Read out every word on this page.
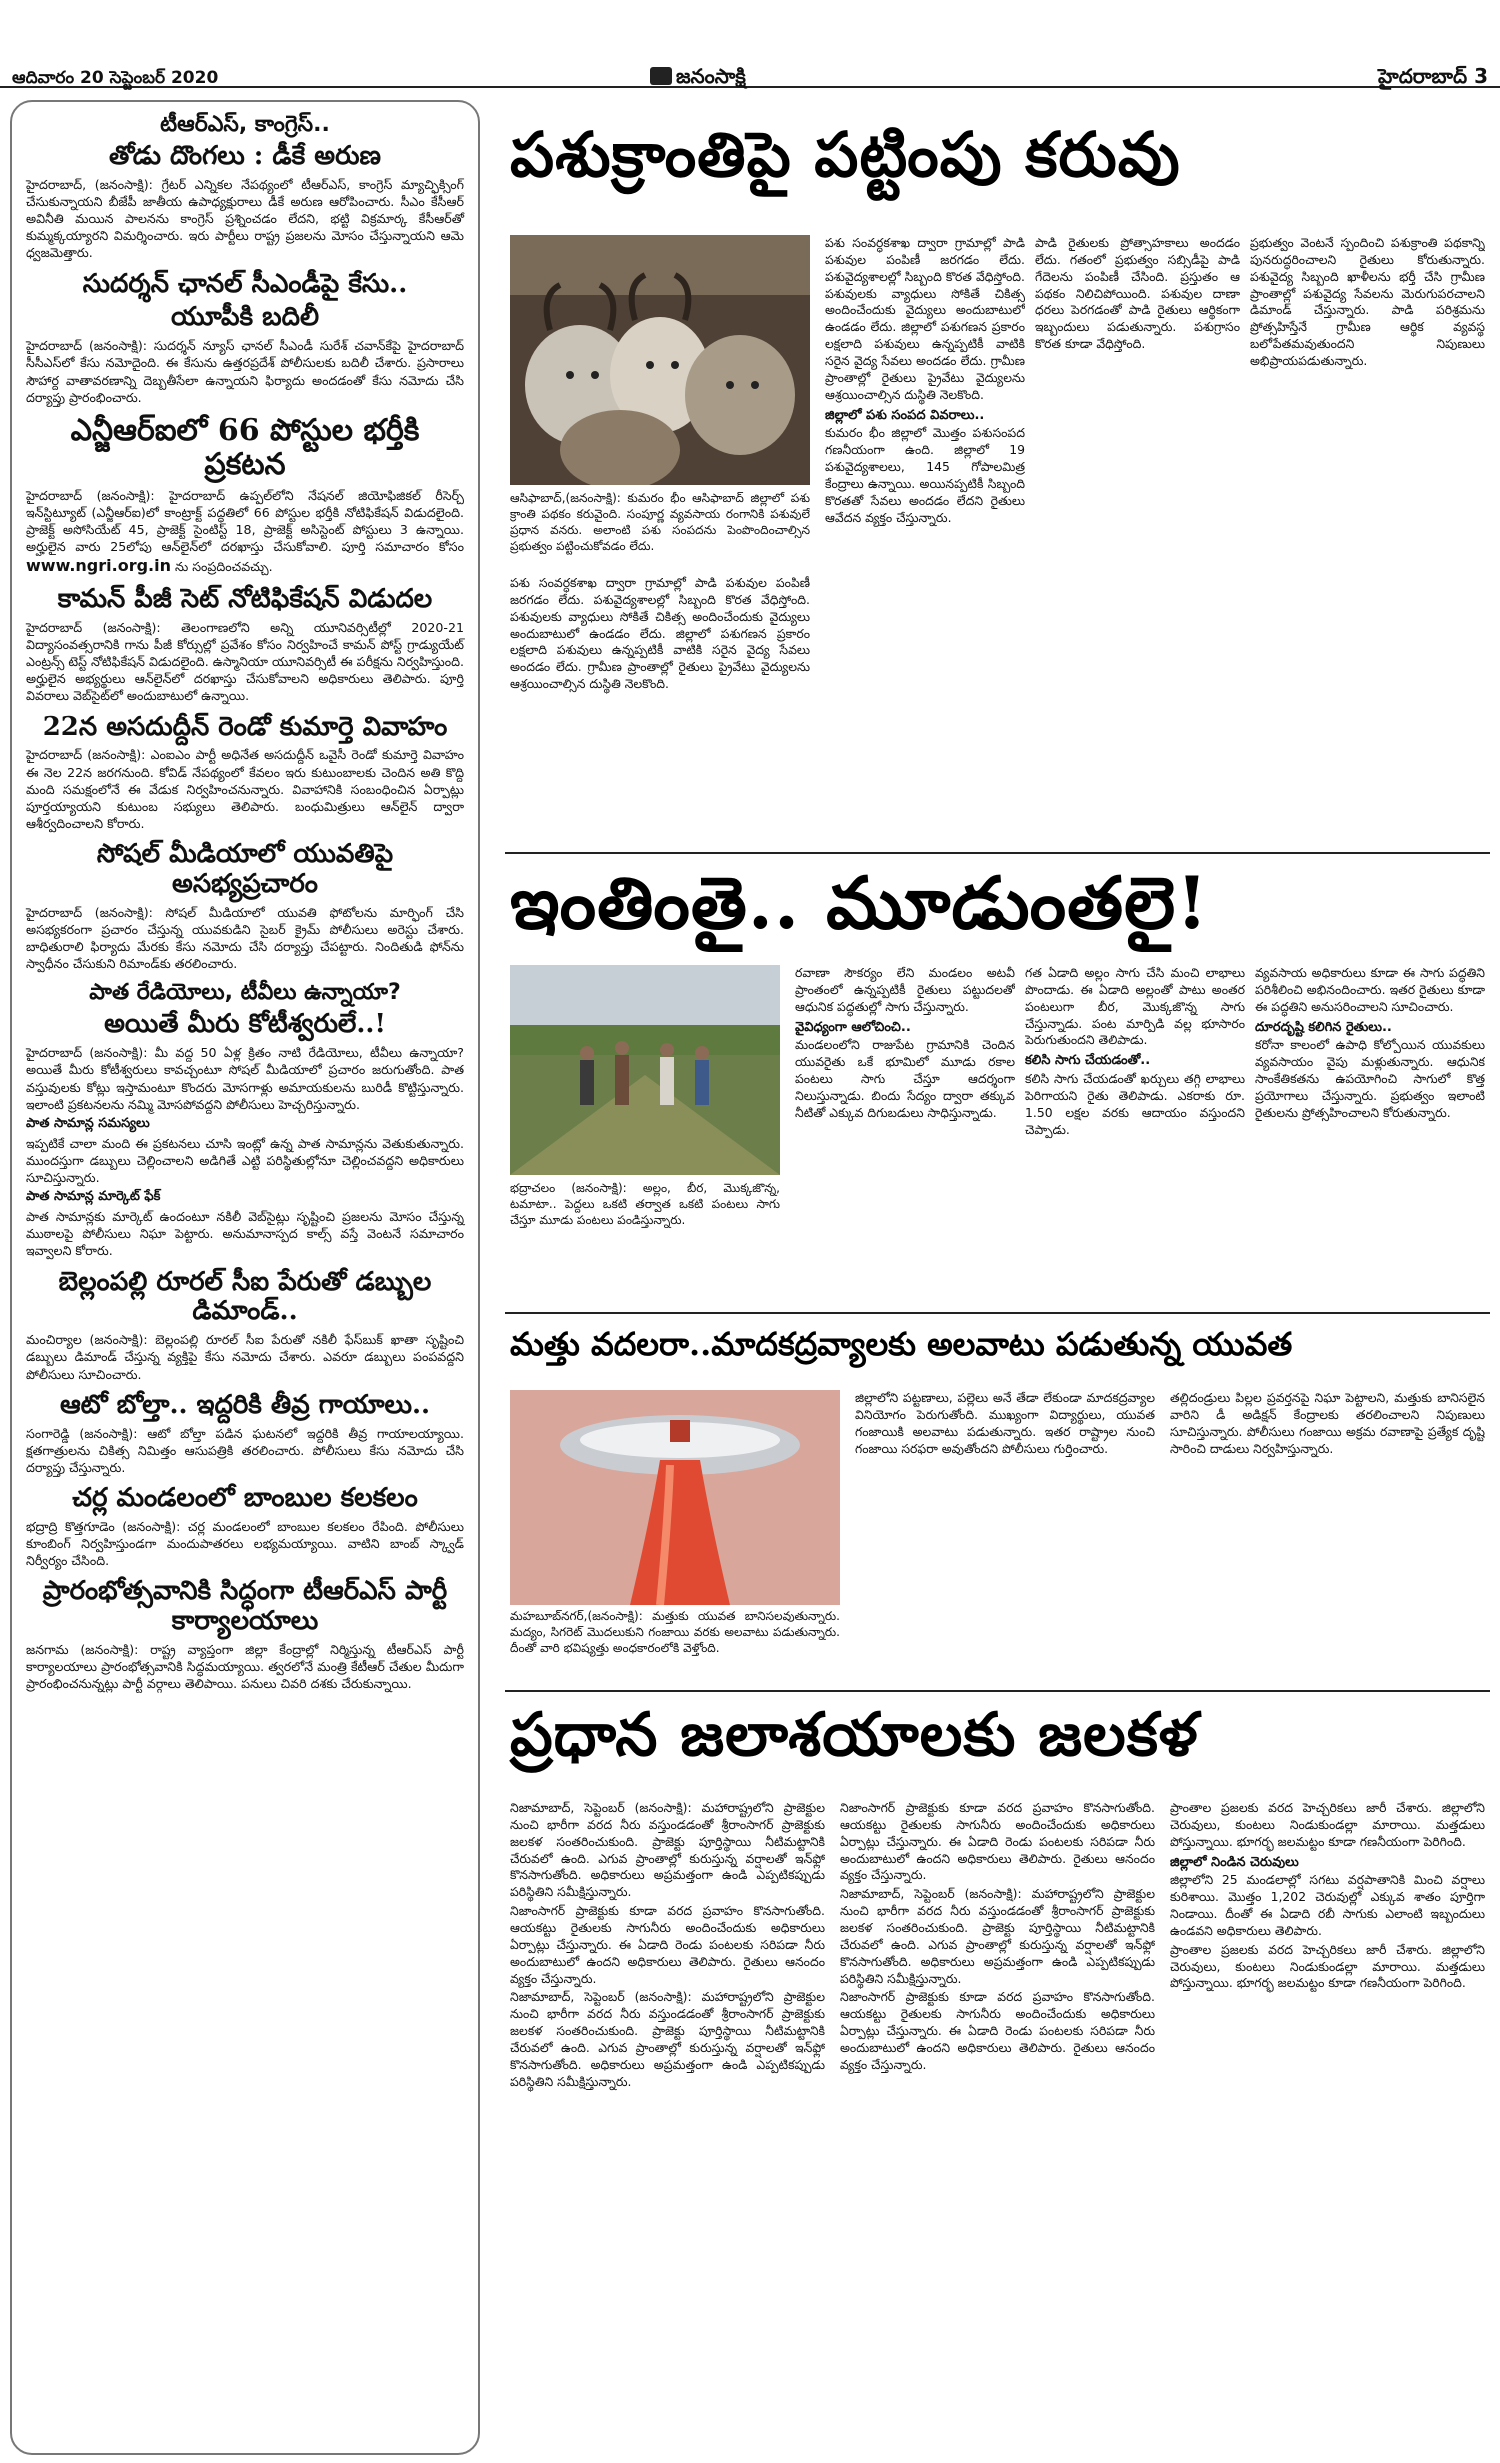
ఆదివారం 20 సెప్టెంబర్ 2020	జనంసాక్షి	హైదరాబాద్ 3
టీఆర్ఎస్, కాంగ్రెస్..
తోడు దొంగలు : డీకే అరుణ

హైదరాబాద్, (జనంసాక్షి): గ్రేటర్ ఎన్నికల నేపథ్యంలో టీఆర్ఎస్, కాంగ్రెస్ మ్యాచ్ఫిక్సింగ్ చేసుకున్నాయని బీజేపీ జాతీయ ఉపాధ్యక్షురాలు డీకే అరుణ ఆరోపించారు. సీఎం కేసీఆర్ అవినీతి మయిన పాలనను కాంగ్రెస్ ప్రశ్నించడం లేదని, భట్టి విక్రమార్క కేసీఆర్‌తో కుమ్మక్కయ్యారని విమర్శించారు. ఇరు పార్టీలు రాష్ట్ర ప్రజలను మోసం చేస్తున్నాయని ఆమె ధ్వజమెత్తారు.

సుదర్శన్ ఛానల్ సీఎండీపై కేసు..
యూపీకి బదిలీ

హైదరాబాద్ (జనంసాక్షి): సుదర్శన్ న్యూస్ ఛానల్ సీఎండీ సురేశ్ చవాన్‌కేపై హైదరాబాద్ సీసీఎస్‌లో కేసు నమోదైంది. ఈ కేసును ఉత్తరప్రదేశ్ పోలీసులకు బదిలీ చేశారు. ప్రసారాలు సౌహార్ద వాతావరణాన్ని దెబ్బతీసేలా ఉన్నాయని ఫిర్యాదు అందడంతో కేసు నమోదు చేసి దర్యాప్తు ప్రారంభించారు.

ఎన్జీఆర్ఐలో 66 పోస్టుల భర్తీకి ప్రకటన

హైదరాబాద్ (జనంసాక్షి): హైదరాబాద్ ఉప్పల్‌లోని నేషనల్ జియోఫిజికల్ రీసెర్చ్ ఇన్‌స్టిట్యూట్ (ఎన్జీఆర్ఐ)లో కాంట్రాక్ట్ పద్ధతిలో 66 పోస్టుల భర్తీకి నోటిఫికేషన్ విడుదలైంది. ప్రాజెక్ట్ అసోసియేట్ 45, ప్రాజెక్ట్ సైంటిస్ట్ 18, ప్రాజెక్ట్ అసిస్టెంట్ పోస్టులు 3 ఉన్నాయి. అర్హులైన వారు 25లోపు ఆన్‌లైన్‌లో దరఖాస్తు చేసుకోవాలి. పూర్తి సమాచారం కోసం www.ngri.org.in ను సంప్రదించవచ్చు.

కామన్ పీజీ సెట్ నోటిఫికేషన్ విడుదల

హైదరాబాద్ (జనంసాక్షి): తెలంగాణలోని అన్ని యూనివర్సిటీల్లో 2020-21 విద్యాసంవత్సరానికి గాను పీజీ కోర్సుల్లో ప్రవేశం కోసం నిర్వహించే కామన్ పోస్ట్ గ్రాడ్యుయేట్ ఎంట్రన్స్ టెస్ట్ నోటిఫికేషన్ విడుదలైంది. ఉస్మానియా యూనివర్సిటీ ఈ పరీక్షను నిర్వహిస్తుంది. అర్హులైన అభ్యర్థులు ఆన్‌లైన్‌లో దరఖాస్తు చేసుకోవాలని అధికారులు తెలిపారు. పూర్తి వివరాలు వెబ్‌సైట్‌లో అందుబాటులో ఉన్నాయి.

22న అసదుద్దీన్ రెండో కుమార్తె వివాహం

హైదరాబాద్ (జనంసాక్షి): ఎంఐఎం పార్టీ అధినేత అసదుద్దీన్ ఒవైసీ రెండో కుమార్తె వివాహం ఈ నెల 22న జరగనుంది. కోవిడ్ నేపథ్యంలో కేవలం ఇరు కుటుంబాలకు చెందిన అతి కొద్ది మంది సమక్షంలోనే ఈ వేడుక నిర్వహించనున్నారు. వివాహానికి సంబంధించిన ఏర్పాట్లు పూర్తయ్యాయని కుటుంబ సభ్యులు తెలిపారు. బంధుమిత్రులు ఆన్‌లైన్ ద్వారా ఆశీర్వదించాలని కోరారు.

సోషల్ మీడియాలో యువతిపై అసభ్యప్రచారం

హైదరాబాద్ (జనంసాక్షి): సోషల్ మీడియాలో యువతి ఫోటోలను మార్ఫింగ్ చేసి అసభ్యకరంగా ప్రచారం చేస్తున్న యువకుడిని సైబర్ క్రైమ్ పోలీసులు అరెస్టు చేశారు. బాధితురాలి ఫిర్యాదు మేరకు కేసు నమోదు చేసి దర్యాప్తు చేపట్టారు. నిందితుడి ఫోన్‌ను స్వాధీనం చేసుకుని రిమాండ్‌కు తరలించారు.

పాత రేడియోలు, టీవీలు ఉన్నాయా?
అయితే మీరు కోటీశ్వరులే..!

హైదరాబాద్ (జనంసాక్షి): మీ వద్ద 50 ఏళ్ల క్రితం నాటి రేడియోలు, టీవీలు ఉన్నాయా? అయితే మీరు కోటీశ్వరులు కావచ్చంటూ సోషల్ మీడియాలో ప్రచారం జరుగుతోంది. పాత వస్తువులకు కోట్లు ఇస్తామంటూ కొందరు మోసగాళ్లు అమాయకులను బురిడీ కొట్టిస్తున్నారు. ఇలాంటి ప్రకటనలను నమ్మి మోసపోవద్దని పోలీసులు హెచ్చరిస్తున్నారు.

పాత సామాన్ల సమస్యలు

ఇప్పటికే చాలా మంది ఈ ప్రకటనలు చూసి ఇంట్లో ఉన్న పాత సామాన్లను వెతుకుతున్నారు. ముందస్తుగా డబ్బులు చెల్లించాలని అడిగితే ఎట్టి పరిస్థితుల్లోనూ చెల్లించవద్దని అధికారులు సూచిస్తున్నారు.

పాత సామాన్ల మార్కెట్ ఫేక్

పాత సామాన్లకు మార్కెట్ ఉందంటూ నకిలీ వెబ్‌సైట్లు సృష్టించి ప్రజలను మోసం చేస్తున్న ముఠాలపై పోలీసులు నిఘా పెట్టారు. అనుమానాస్పద కాల్స్ వస్తే వెంటనే సమాచారం ఇవ్వాలని కోరారు.

బెల్లంపల్లి రూరల్ సీఐ పేరుతో డబ్బుల డిమాండ్..

మంచిర్యాల (జనంసాక్షి): బెల్లంపల్లి రూరల్ సీఐ పేరుతో నకిలీ ఫేస్‌బుక్ ఖాతా సృష్టించి డబ్బులు డిమాండ్ చేస్తున్న వ్యక్తిపై కేసు నమోదు చేశారు. ఎవరూ డబ్బులు పంపవద్దని పోలీసులు సూచించారు.

ఆటో బోల్తా.. ఇద్దరికి తీవ్ర గాయాలు..

సంగారెడ్డి (జనంసాక్షి): ఆటో బోల్తా పడిన ఘటనలో ఇద్దరికి తీవ్ర గాయాలయ్యాయి. క్షతగాత్రులను చికిత్స నిమిత్తం ఆసుపత్రికి తరలించారు. పోలీసులు కేసు నమోదు చేసి దర్యాప్తు చేస్తున్నారు.

చర్ల మండలంలో బాంబుల కలకలం

భద్రాద్రి కొత్తగూడెం (జనంసాక్షి): చర్ల మండలంలో బాంబుల కలకలం రేపింది. పోలీసులు కూంబింగ్ నిర్వహిస్తుండగా మందుపాతరలు లభ్యమయ్యాయి. వాటిని బాంబ్ స్క్వాడ్ నిర్వీర్యం చేసింది.

ప్రారంభోత్సవానికి సిద్ధంగా టీఆర్ఎస్ పార్టీ కార్యాలయాలు

జనగామ (జనంసాక్షి): రాష్ట్ర వ్యాప్తంగా జిల్లా కేంద్రాల్లో నిర్మిస్తున్న టీఆర్ఎస్ పార్టీ కార్యాలయాలు ప్రారంభోత్సవానికి సిద్ధమయ్యాయి. త్వరలోనే మంత్రి కేటీఆర్ చేతుల మీదుగా ప్రారంభించనున్నట్లు పార్టీ వర్గాలు తెలిపాయి. పనులు చివరి దశకు చేరుకున్నాయి.

పశుక్రాంతిపై పట్టింపు కరువు
ఆసిఫాబాద్,(జనంసాక్షి): కుమరం భీం ఆసిఫాబాద్ జిల్లాలో పశు క్రాంతి పథకం కరువైంది. సంపూర్ణ వ్యవసాయ రంగానికి పశువులే ప్రధాన వనరు. అలాంటి పశు సంపదను పెంపొందించాల్సిన ప్రభుత్వం పట్టించుకోవడం లేదు.

పశు సంవర్ధకశాఖ ద్వారా గ్రామాల్లో పాడి పశువుల పంపిణీ జరగడం లేదు. పశువైద్యశాలల్లో సిబ్బంది కొరత వేధిస్తోంది. పశువులకు వ్యాధులు సోకితే చికిత్స అందించేందుకు వైద్యులు అందుబాటులో ఉండడం లేదు. జిల్లాలో పశుగణన ప్రకారం లక్షలాది పశువులు ఉన్నప్పటికీ వాటికి సరైన వైద్య సేవలు అందడం లేదు. గ్రామీణ ప్రాంతాల్లో రైతులు ప్రైవేటు వైద్యులను ఆశ్రయించాల్సిన దుస్థితి నెలకొంది.

జిల్లాలో పశు సంపద వివరాలు..

కుమరం భీం జిల్లాలో మొత్తం పశుసంపద గణనీయంగా ఉంది. జిల్లాలో 19 పశువైద్యశాలలు, 145 గోపాలమిత్ర కేంద్రాలు ఉన్నాయి. అయినప్పటికీ సిబ్బంది కొరతతో సేవలు అందడం లేదని రైతులు ఆవేదన వ్యక్తం చేస్తున్నారు.

పాడి రైతులకు ప్రోత్సాహకాలు అందడం లేదు. గతంలో ప్రభుత్వం సబ్సిడీపై పాడి గేదెలను పంపిణీ చేసింది. ప్రస్తుతం ఆ పథకం నిలిచిపోయింది. పశువుల దాణా ధరలు పెరగడంతో పాడి రైతులు ఆర్థికంగా ఇబ్బందులు పడుతున్నారు. పశుగ్రాసం కొరత కూడా వేధిస్తోంది.

ప్రభుత్వం వెంటనే స్పందించి పశుక్రాంతి పథకాన్ని పునరుద్ధరించాలని రైతులు కోరుతున్నారు. పశువైద్య సిబ్బంది ఖాళీలను భర్తీ చేసి గ్రామీణ ప్రాంతాల్లో పశువైద్య సేవలను మెరుగుపరచాలని డిమాండ్ చేస్తున్నారు. పాడి పరిశ్రమను ప్రోత్సహిస్తేనే గ్రామీణ ఆర్థిక వ్యవస్థ బలోపేతమవుతుందని నిపుణులు అభిప్రాయపడుతున్నారు.

పశు సంవర్ధకశాఖ ద్వారా గ్రామాల్లో పాడి పశువుల పంపిణీ జరగడం లేదు. పశువైద్యశాలల్లో సిబ్బంది కొరత వేధిస్తోంది. పశువులకు వ్యాధులు సోకితే చికిత్స అందించేందుకు వైద్యులు అందుబాటులో ఉండడం లేదు. జిల్లాలో పశుగణన ప్రకారం లక్షలాది పశువులు ఉన్నప్పటికీ వాటికి సరైన వైద్య సేవలు అందడం లేదు. గ్రామీణ ప్రాంతాల్లో రైతులు ప్రైవేటు వైద్యులను ఆశ్రయించాల్సిన దుస్థితి నెలకొంది.

ఇంతింతై.. మూడుంతలై!
భద్రాచలం (జనంసాక్షి): అల్లం, బీర, మొక్కజొన్న, టమాటా.. పెద్దలు ఒకటి తర్వాత ఒకటి పంటలు సాగు చేస్తూ మూడు పంటలు పండిస్తున్నారు.

రవాణా సౌకర్యం లేని మండలం అటవీ ప్రాంతంలో ఉన్నప్పటికీ రైతులు పట్టుదలతో ఆధునిక పద్ధతుల్లో సాగు చేస్తున్నారు.

వైవిధ్యంగా ఆలోచించి..

మండలంలోని రాజుపేట గ్రామానికి చెందిన యువరైతు ఒకే భూమిలో మూడు రకాల పంటలు సాగు చేస్తూ ఆదర్శంగా నిలుస్తున్నాడు. బిందు సేద్యం ద్వారా తక్కువ నీటితో ఎక్కువ దిగుబడులు సాధిస్తున్నాడు.

గత ఏడాది అల్లం సాగు చేసి మంచి లాభాలు పొందాడు. ఈ ఏడాది అల్లంతో పాటు అంతర పంటలుగా బీర, మొక్కజొన్న సాగు చేస్తున్నాడు. పంట మార్పిడి వల్ల భూసారం పెరుగుతుందని తెలిపాడు.

కలిసి సాగు చేయడంతో..

కలిసి సాగు చేయడంతో ఖర్చులు తగ్గి లాభాలు పెరిగాయని రైతు తెలిపాడు. ఎకరాకు రూ. 1.50 లక్షల వరకు ఆదాయం వస్తుందని చెప్పాడు.

వ్యవసాయ అధికారులు కూడా ఈ సాగు పద్ధతిని పరిశీలించి అభినందించారు. ఇతర రైతులు కూడా ఈ పద్ధతిని అనుసరించాలని సూచించారు.

దూరదృష్టి కలిగిన రైతులు..

కరోనా కాలంలో ఉపాధి కోల్పోయిన యువకులు వ్యవసాయం వైపు మళ్లుతున్నారు. ఆధునిక సాంకేతికతను ఉపయోగించి సాగులో కొత్త ప్రయోగాలు చేస్తున్నారు. ప్రభుత్వం ఇలాంటి రైతులను ప్రోత్సహించాలని కోరుతున్నారు.

మత్తు వదలరా..మాదకద్రవ్యాలకు అలవాటు పడుతున్న యువత
మహబూబ్‌నగర్,(జనంసాక్షి): మత్తుకు యువత బానిసలవుతున్నారు. మద్యం, సిగరెట్ మొదలుకుని గంజాయి వరకు అలవాటు పడుతున్నారు. దీంతో వారి భవిష్యత్తు అంధకారంలోకి వెళ్తోంది.

జిల్లాలోని పట్టణాలు, పల్లెలు అనే తేడా లేకుండా మాదకద్రవ్యాల వినియోగం పెరుగుతోంది. ముఖ్యంగా విద్యార్థులు, యువత గంజాయికి అలవాటు పడుతున్నారు. ఇతర రాష్ట్రాల నుంచి గంజాయి సరఫరా అవుతోందని పోలీసులు గుర్తించారు.

తల్లిదండ్రులు పిల్లల ప్రవర్తనపై నిఘా పెట్టాలని, మత్తుకు బానిసలైన వారిని డీ అడిక్షన్ కేంద్రాలకు తరలించాలని నిపుణులు సూచిస్తున్నారు. పోలీసులు గంజాయి అక్రమ రవాణాపై ప్రత్యేక దృష్టి సారించి దాడులు నిర్వహిస్తున్నారు.

ప్రధాన జలాశయాలకు జలకళ

నిజామాబాద్, సెప్టెంబర్ (జనంసాక్షి): మహారాష్ట్రలోని ప్రాజెక్టుల నుంచి భారీగా వరద నీరు వస్తుండడంతో శ్రీరాంసాగర్ ప్రాజెక్టుకు జలకళ సంతరించుకుంది. ప్రాజెక్టు పూర్తిస్థాయి నీటిమట్టానికి చేరువలో ఉంది. ఎగువ ప్రాంతాల్లో కురుస్తున్న వర్షాలతో ఇన్‌ఫ్లో కొనసాగుతోంది. అధికారులు అప్రమత్తంగా ఉండి ఎప్పటికప్పుడు పరిస్థితిని సమీక్షిస్తున్నారు.

నిజాంసాగర్ ప్రాజెక్టుకు కూడా వరద ప్రవాహం కొనసాగుతోంది. ఆయకట్టు రైతులకు సాగునీరు అందించేందుకు అధికారులు ఏర్పాట్లు చేస్తున్నారు. ఈ ఏడాది రెండు పంటలకు సరిపడా నీరు అందుబాటులో ఉందని అధికారులు తెలిపారు. రైతులు ఆనందం వ్యక్తం చేస్తున్నారు.

నిజామాబాద్, సెప్టెంబర్ (జనంసాక్షి): మహారాష్ట్రలోని ప్రాజెక్టుల నుంచి భారీగా వరద నీరు వస్తుండడంతో శ్రీరాంసాగర్ ప్రాజెక్టుకు జలకళ సంతరించుకుంది. ప్రాజెక్టు పూర్తిస్థాయి నీటిమట్టానికి చేరువలో ఉంది. ఎగువ ప్రాంతాల్లో కురుస్తున్న వర్షాలతో ఇన్‌ఫ్లో కొనసాగుతోంది. అధికారులు అప్రమత్తంగా ఉండి ఎప్పటికప్పుడు పరిస్థితిని సమీక్షిస్తున్నారు.

నిజాంసాగర్ ప్రాజెక్టుకు కూడా వరద ప్రవాహం కొనసాగుతోంది. ఆయకట్టు రైతులకు సాగునీరు అందించేందుకు అధికారులు ఏర్పాట్లు చేస్తున్నారు. ఈ ఏడాది రెండు పంటలకు సరిపడా నీరు అందుబాటులో ఉందని అధికారులు తెలిపారు. రైతులు ఆనందం వ్యక్తం చేస్తున్నారు.

నిజామాబాద్, సెప్టెంబర్ (జనంసాక్షి): మహారాష్ట్రలోని ప్రాజెక్టుల నుంచి భారీగా వరద నీరు వస్తుండడంతో శ్రీరాంసాగర్ ప్రాజెక్టుకు జలకళ సంతరించుకుంది. ప్రాజెక్టు పూర్తిస్థాయి నీటిమట్టానికి చేరువలో ఉంది. ఎగువ ప్రాంతాల్లో కురుస్తున్న వర్షాలతో ఇన్‌ఫ్లో కొనసాగుతోంది. అధికారులు అప్రమత్తంగా ఉండి ఎప్పటికప్పుడు పరిస్థితిని సమీక్షిస్తున్నారు.

నిజాంసాగర్ ప్రాజెక్టుకు కూడా వరద ప్రవాహం కొనసాగుతోంది. ఆయకట్టు రైతులకు సాగునీరు అందించేందుకు అధికారులు ఏర్పాట్లు చేస్తున్నారు. ఈ ఏడాది రెండు పంటలకు సరిపడా నీరు అందుబాటులో ఉందని అధికారులు తెలిపారు. రైతులు ఆనందం వ్యక్తం చేస్తున్నారు.

ప్రాంతాల ప్రజలకు వరద హెచ్చరికలు జారీ చేశారు. జిల్లాలోని చెరువులు, కుంటలు నిండుకుండల్లా మారాయి. మత్తడులు పోస్తున్నాయి. భూగర్భ జలమట్టం కూడా గణనీయంగా పెరిగింది.

జిల్లాలో నిండిన చెరువులు

జిల్లాలోని 25 మండలాల్లో సగటు వర్షపాతానికి మించి వర్షాలు కురిశాయి. మొత్తం 1,202 చెరువుల్లో ఎక్కువ శాతం పూర్తిగా నిండాయి. దీంతో ఈ ఏడాది రబీ సాగుకు ఎలాంటి ఇబ్బందులు ఉండవని అధికారులు తెలిపారు.

ప్రాంతాల ప్రజలకు వరద హెచ్చరికలు జారీ చేశారు. జిల్లాలోని చెరువులు, కుంటలు నిండుకుండల్లా మారాయి. మత్తడులు పోస్తున్నాయి. భూగర్భ జలమట్టం కూడా గణనీయంగా పెరిగింది.
